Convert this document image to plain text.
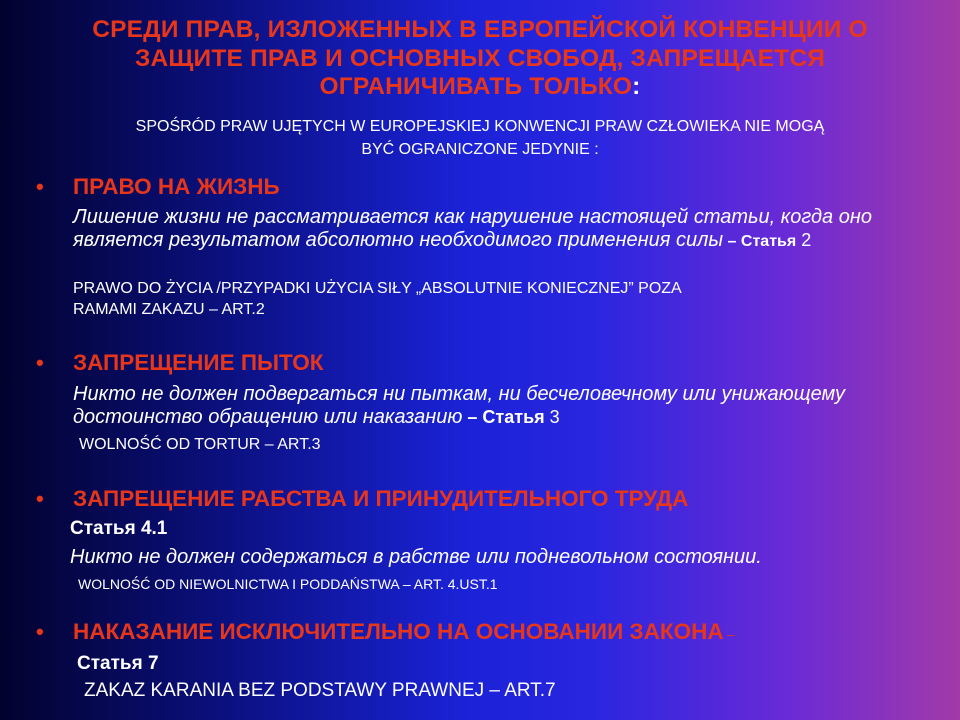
СРЕДИ ПРАВ, ИЗЛОЖЕННЫХ В ЕВРОПЕЙСКОЙ КОНВЕНЦИИ О ЗАЩИТЕ ПРАВ И ОСНОВНЫХ СВОБОД, ЗАПРЕЩАЕТСЯ ОГРАНИЧИВАТЬ ТОЛЬКО:

SPOŚRÓD PRAW UJĘTYCH W EUROPEJSKIEJ KONWENCJI PRAW CZŁOWIEKA NIE MOGĄ
BYĆ OGRANICZONE JEDYNIE :

• ПРАВО НА ЖИЗНЬ
Лишение жизни не рассматривается как нарушение настоящей статьи, когда оно является результатом абсолютно необходимого применения силы – Статья 2
PRAWO DO ŻYCIA /PRZYPADKI UŻYCIA SIŁY „ABSOLUTNIE KONIECZNEJ” POZA
RAMAMI ZAKAZU – ART.2
• ЗАПРЕЩЕНИЕ ПЫТОК
Никто не должен подвергаться ни пыткам, ни бесчеловечному или унижающему достоинство обращению или наказанию – Статья 3
WOLNOŚĆ OD TORTUR – ART.3
• ЗАПРЕЩЕНИЕ РАБСТВА И ПРИНУДИТЕЛЬНОГО ТРУДА
Статья 4.1
Никто не должен содержаться в рабстве или подневольном состоянии.
WOLNOŚĆ OD NIEWOLNICTWA I PODDAŃSTWA – ART. 4.UST.1
• НАКАЗАНИЕ ИСКЛЮЧИТЕЛЬНО НА ОСНОВАНИИ ЗАКОНА –
Статья 7
ZAKAZ KARANIA BEZ PODSTAWY PRAWNEJ – ART.7
